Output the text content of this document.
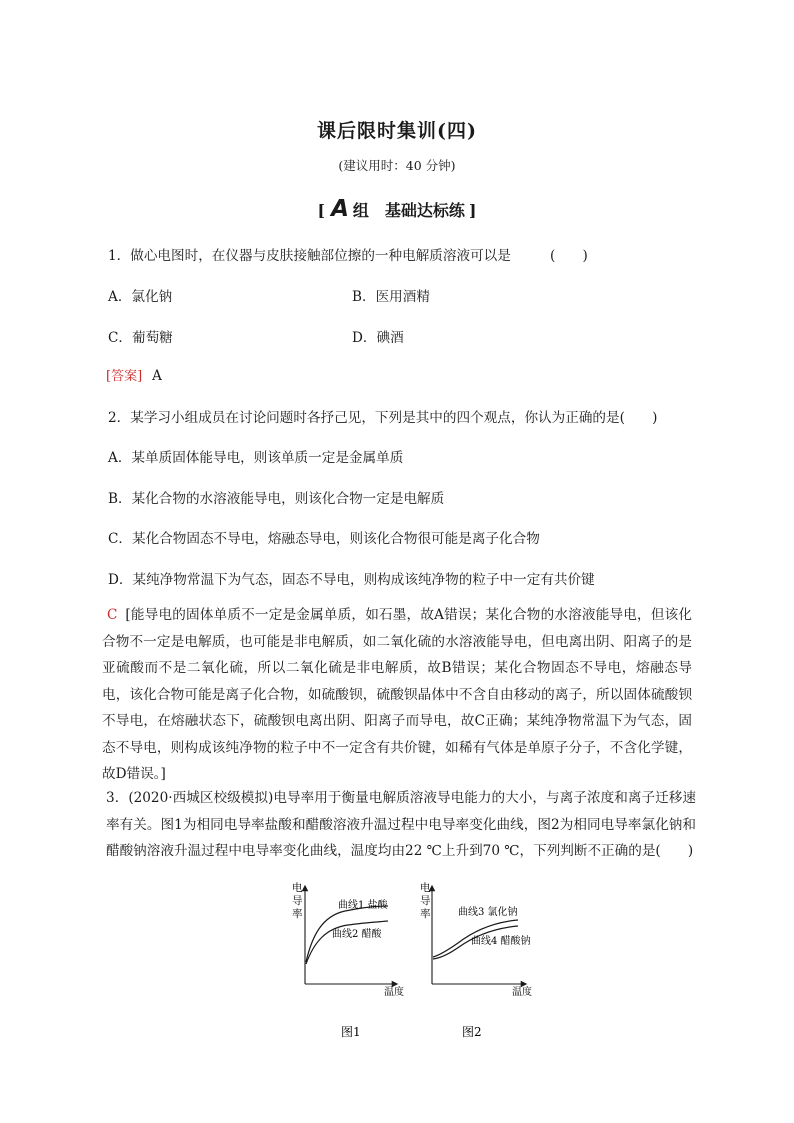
课后限时集训(四)
(建议用时：40 分钟)
[ A 组　基础达标练 ]
1．做心电图时，在仪器与皮肤接触部位擦的一种电解质溶液可以是	(　　)
A．氯化钠	B．医用酒精
C．葡萄糖	D．碘酒
[答案] A
2．某学习小组成员在讨论问题时各抒己见，下列是其中的四个观点，你认为正确的是(　　)
A．某单质固体能导电，则该单质一定是金属单质
B．某化合物的水溶液能导电，则该化合物一定是电解质
C．某化合物固态不导电，熔融态导电，则该化合物很可能是离子化合物
D．某纯净物常温下为气态，固态不导电，则构成该纯净物的粒子中一定有共价键
C [能导电的固体单质不一定是金属单质，如石墨，故A错误；某化合物的水溶液能导电，但该化合物不一定是电解质，也可能是非电解质，如二氧化硫的水溶液能导电，但电离出阴、阳离子的是亚硫酸而不是二氧化硫，所以二氧化硫是非电解质，故B错误；某化合物固态不导电，熔融态导电，该化合物可能是离子化合物，如硫酸钡，硫酸钡晶体中不含自由移动的离子，所以固体硫酸钡不导电，在熔融状态下，硫酸钡电离出阴、阳离子而导电，故C正确；某纯净物常温下为气态，固态不导电，则构成该纯净物的粒子中不一定含有共价键，如稀有气体是单原子分子，不含化学键，故D错误。]
3．(2020·西城区校级模拟)电导率用于衡量电解质溶液导电能力的大小，与离子浓度和离子迁移速率有关。图1为相同电导率盐酸和醋酸溶液升温过程中电导率变化曲线，图2为相同电导率氯化钠和醋酸钠溶液升温过程中电导率变化曲线，温度均由22 ℃上升到70 ℃，下列判断不正确的是(　　)
电
导
率
曲线1 盐酸
曲线2 醋酸
温度
图1
电
导
率	曲线3 氯化钠
曲线4 醋酸钠
温度
图2
